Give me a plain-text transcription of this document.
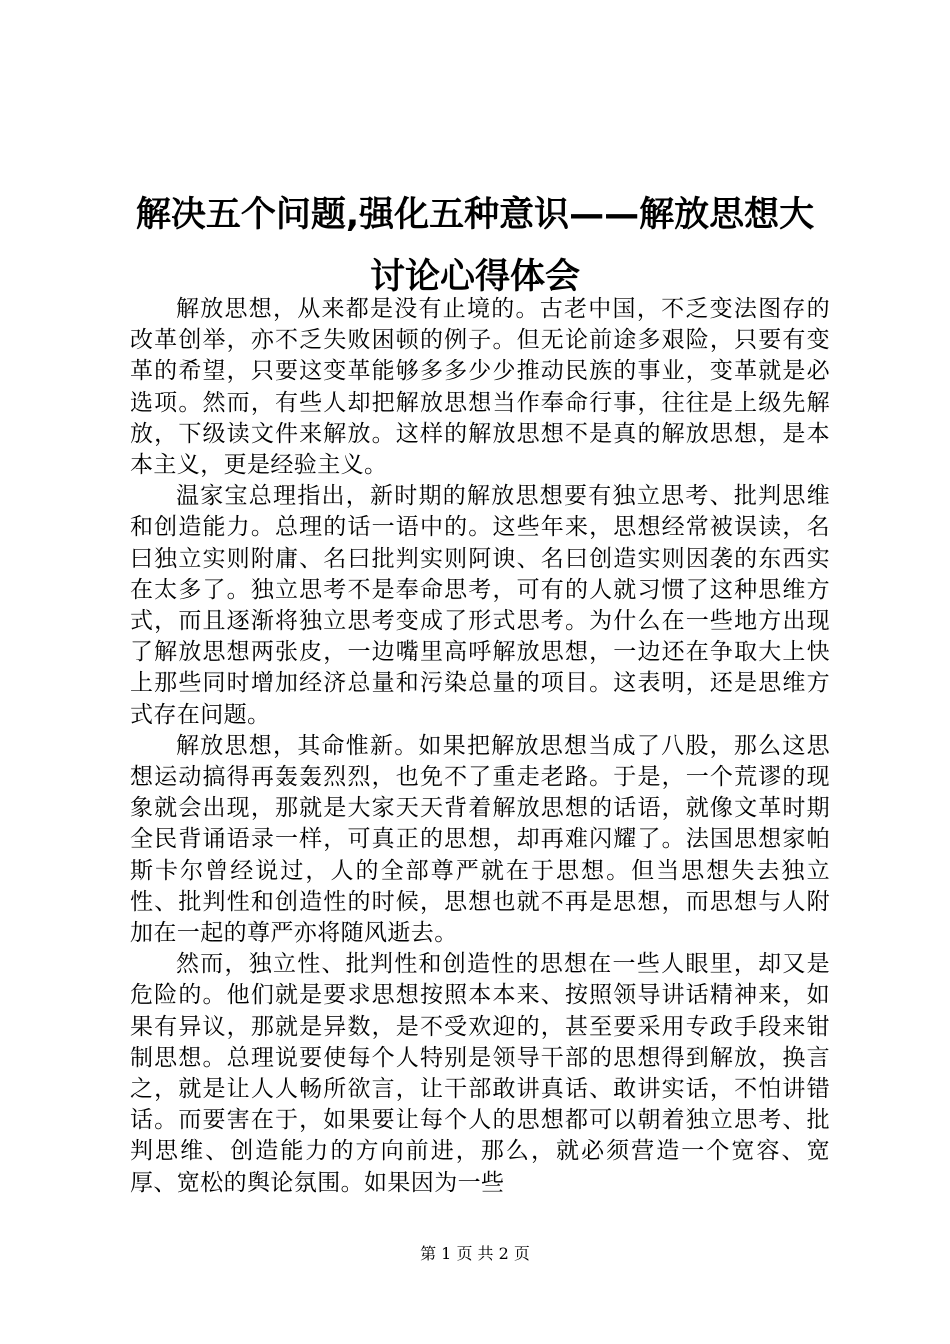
解决五个问题,强化五种意识——解放思想大
讨论心得体会

解放思想，从来都是没有止境的。古老中国，不乏变法图存的改革创举，亦不乏失败困顿的例子。但无论前途多艰险，只要有变革的希望，只要这变革能够多多少少推动民族的事业，变革就是必选项。然而，有些人却把解放思想当作奉命行事，往往是上级先解放，下级读文件来解放。这样的解放思想不是真的解放思想，是本本主义，更是经验主义。

温家宝总理指出，新时期的解放思想要有独立思考、批判思维和创造能力。总理的话一语中的。这些年来，思想经常被误读，名曰独立实则附庸、名曰批判实则阿谀、名曰创造实则因袭的东西实在太多了。独立思考不是奉命思考，可有的人就习惯了这种思维方式，而且逐渐将独立思考变成了形式思考。为什么在一些地方出现了解放思想两张皮，一边嘴里高呼解放思想，一边还在争取大上快上那些同时增加经济总量和污染总量的项目。这表明，还是思维方式存在问题。

解放思想，其命惟新。如果把解放思想当成了八股，那么这思想运动搞得再轰轰烈烈，也免不了重走老路。于是，一个荒谬的现象就会出现，那就是大家天天背着解放思想的话语，就像文革时期全民背诵语录一样，可真正的思想，却再难闪耀了。法国思想家帕斯卡尔曾经说过，人的全部尊严就在于思想。但当思想失去独立性、批判性和创造性的时候，思想也就不再是思想，而思想与人附加在一起的尊严亦将随风逝去。

然而，独立性、批判性和创造性的思想在一些人眼里，却又是危险的。他们就是要求思想按照本本来、按照领导讲话精神来，如果有异议，那就是异数，是不受欢迎的，甚至要采用专政手段来钳制思想。总理说要使每个人特别是领导干部的思想得到解放，换言之，就是让人人畅所欲言，让干部敢讲真话、敢讲实话，不怕讲错话。而要害在于，如果要让每个人的思想都可以朝着独立思考、批判思维、创造能力的方向前进，那么，就必须营造一个宽容、宽厚、宽松的舆论氛围。如果因为一些

第 1 页 共 2 页
